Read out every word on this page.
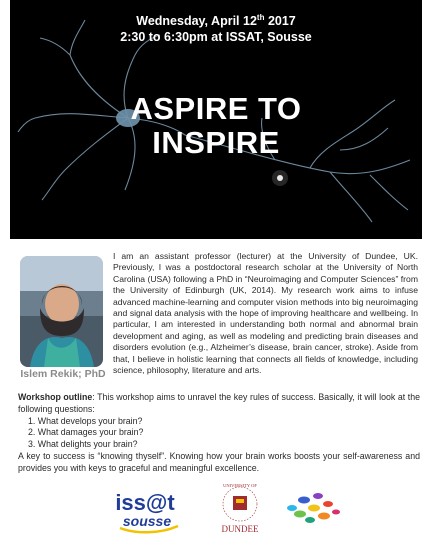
Wednesday, April 12th 2017
2:30 to 6:30pm at ISSAT, Sousse
ASPIRE TO
INSPIRE
Islem Rekik; PhD
I am an assistant professor (lecturer) at the University of Dundee, UK. Previously, I was a postdoctoral research scholar at the University of North Carolina (USA) following a PhD in “Neuroimaging and Computer Sciences” from the University of Edinburgh (UK, 2014). My research work aims to infuse advanced machine-learning and computer vision methods into big neuroimaging and signal data analysis with the hope of improving healthcare and wellbeing. In particular, I am interested in understanding both normal and abnormal brain development and aging, as well as modeling and predicting brain diseases and disorders evolution (e.g., Alzheimer’s disease, brain cancer, stroke). Aside from that, I believe in holistic learning that connects all fields of knowledge, including science, philosophy, literature and arts.
Workshop outline: This workshop aims to unravel the key rules of success. Basically, it will look at the following questions:
1. What develops your brain?
2. What damages your brain?
3. What delights your brain?
A key to success is “knowing thyself”. Knowing how your brain works boosts your self-awareness and provides you with keys to graceful and meaningful excellence.
iss@t
sousse
UNIVERSITY OF
DUNDEE
